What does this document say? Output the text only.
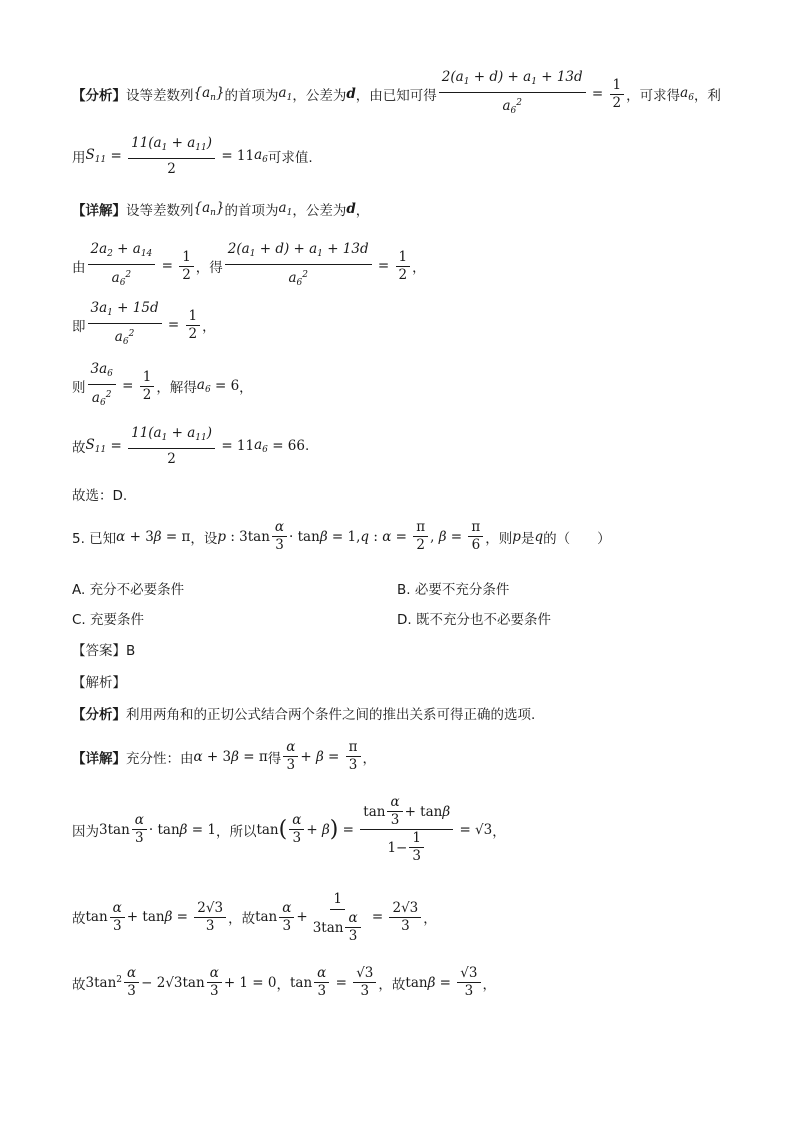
【分析】 设等差数列 $\{a_n\}$ 的首项为 $a_1$ ，公差为 d ，由已知可得 $\frac{2(a_1 + d) + a_1 + 13d}{a_6^2} = \frac{1}{2}$ ，可求得 $a_6$ ，利
用 $S_{11} = \frac{11(a_1 + a_{11})}{2} = 11$ $a_6$ 可求值.
【详解】 设等差数列 $\{a_n\}$ 的首项为 $a_1$ ，公差为 d ，
由 $\frac{2a_2 + a_{14}}{a_6^2} = \frac{1}{2}$ ，得 $\frac{2(a_1 + d) + a_1 + 13d}{a_6^2} = \frac{1}{2}$ ，
即 $\frac{3a_1 + 15d}{a_6^2} = \frac{1}{2}$ ，
则 $\frac{3a_6}{a_6^2} = \frac{1}{2}$ ，解得 $a_6 = 6$ ，
故 $S_{11} = \frac{11(a_1 + a_{11})}{2} = 11$ $a_6 = 66$ .
故选：D.
5. 已知 α + 3 β = π ，设 p : $3\tan \frac{\alpha}{3} \cdot \tan \beta = 1$, q : $\alpha = \frac{\pi}{2}$ , $\beta = \frac{\pi}{6}$ ，则 p 是 q 的（　　）
A. 充分不必要条件	B. 必要不充分条件
C. 充要条件	D. 既不充分也不必要条件
【答案】B
【解析】
【分析】 利用两角和的正切公式结合两个条件之间的推出关系可得正确的选项.
【详解】 充分性：由 α + 3 β = π 得 $\frac{\alpha}{3} + \beta = \frac{\pi}{3}$ ，
因为 $3\tan \frac{\alpha}{3} \cdot \tan \beta = 1$ ，所以 tan ( $\frac{\alpha}{3} + \beta$ ) = $\frac{\tan \frac{\alpha}{3} + \tan \beta}{1- \frac{1}{3}} = √3$ ，
故 $\tan \frac{\alpha}{3} + \tan \beta = \frac{2√3}{3}$ ，故 $\tan \frac{\alpha}{3} + \frac{1}{3\tan \frac{\alpha}{3}} = \frac{2√3}{3}$ ，
故 $3\tan^2 \frac{\alpha}{3} - 2√3\tan \frac{\alpha}{3} + 1 = 0$ ， $\tan \frac{\alpha}{3} = \frac{√3}{3}$ ，故 $\tan \beta = \frac{√3}{3}$ ，
